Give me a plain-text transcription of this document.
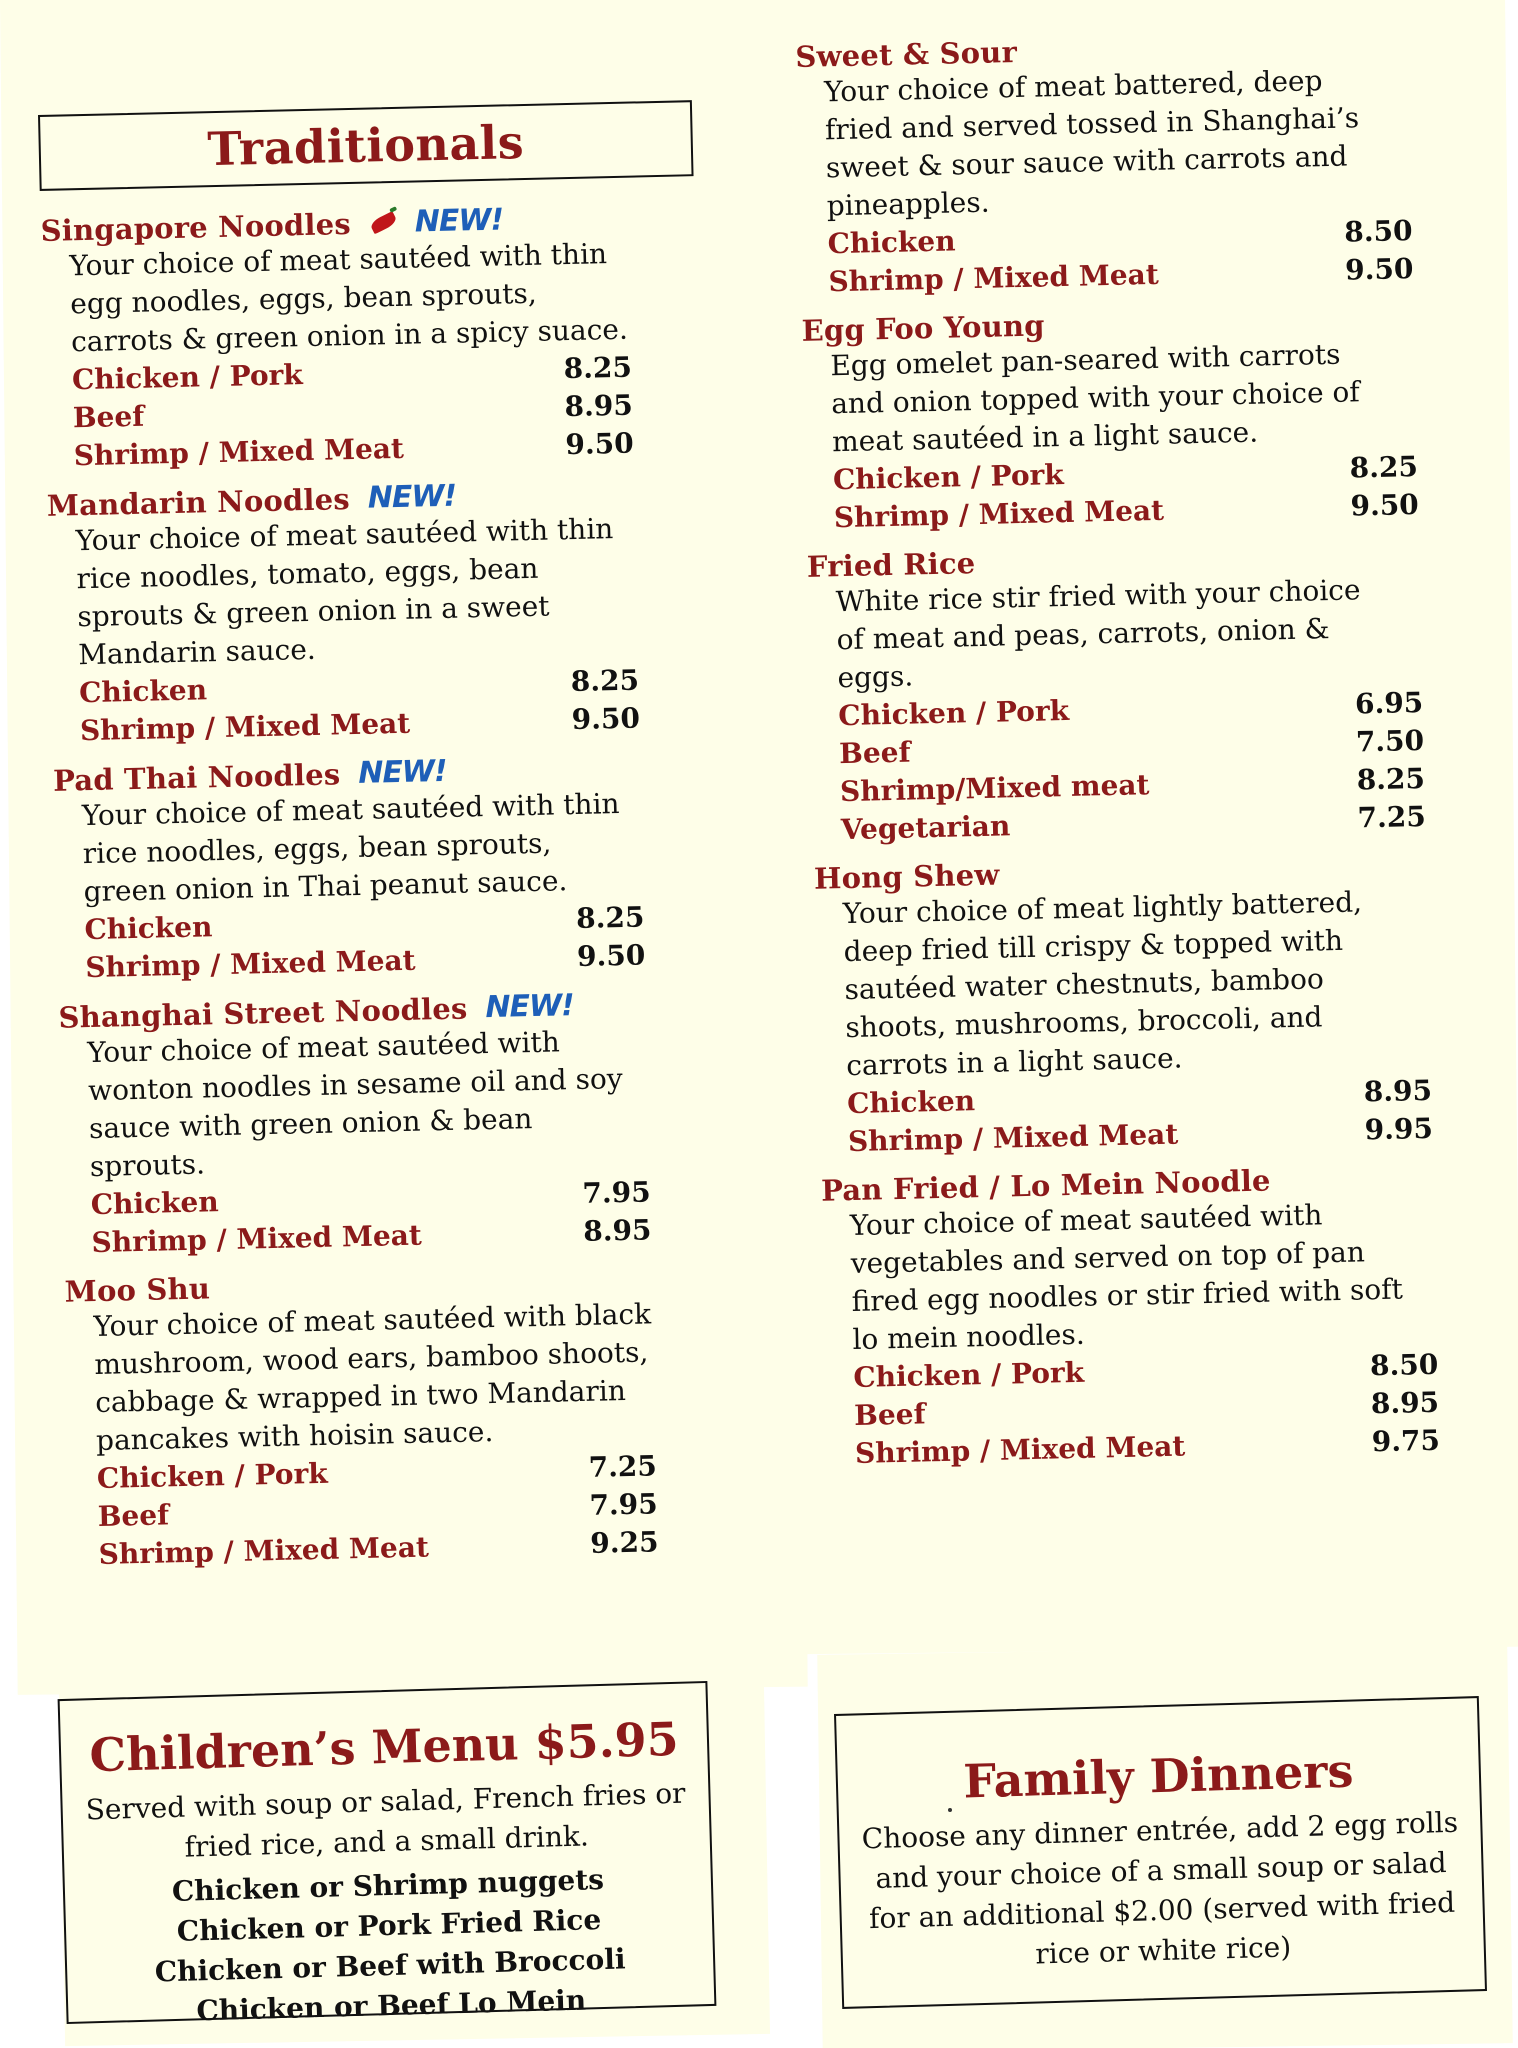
Traditionals
Singapore Noodles NEW!
Your choice of meat sautéed with thin egg noodles, eggs, bean sprouts, carrots & green onion in a spicy suace.
Chicken / Pork	8.25
Beef	8.95
Shrimp / Mixed Meat	9.50
Mandarin Noodles NEW!
Your choice of meat sautéed with thin rice noodles, tomato, eggs, bean sprouts & green onion in a sweet Mandarin sauce.
Chicken	8.25
Shrimp / Mixed Meat	9.50
Pad Thai Noodles NEW!
Your choice of meat sautéed with thin rice noodles, eggs, bean sprouts, green onion in Thai peanut sauce.
Chicken	8.25
Shrimp / Mixed Meat	9.50
Shanghai Street Noodles NEW!
Your choice of meat sautéed with wonton noodles in sesame oil and soy sauce with green onion & bean sprouts.
Chicken	7.95
Shrimp / Mixed Meat	8.95
Moo Shu
Your choice of meat sautéed with black mushroom, wood ears, bamboo shoots, cabbage & wrapped in two Mandarin pancakes with hoisin sauce.
Chicken / Pork	7.25
Beef	7.95
Shrimp / Mixed Meat	9.25
Sweet & Sour
Your choice of meat battered, deep fried and served tossed in Shanghai’s sweet & sour sauce with carrots and pineapples.
Chicken	8.50
Shrimp / Mixed Meat	9.50
Egg Foo Young
Egg omelet pan-seared with carrots and onion topped with your choice of meat sautéed in a light sauce.
Chicken / Pork	8.25
Shrimp / Mixed Meat	9.50
Fried Rice
White rice stir fried with your choice of meat and peas, carrots, onion & eggs.
Chicken / Pork	6.95
Beef	7.50
Shrimp/Mixed meat	8.25
Vegetarian	7.25
Hong Shew
Your choice of meat lightly battered, deep fried till crispy & topped with sautéed water chestnuts, bamboo shoots, mushrooms, broccoli, and carrots in a light sauce.
Chicken	8.95
Shrimp / Mixed Meat	9.95
Pan Fried / Lo Mein Noodle
Your choice of meat sautéed with vegetables and served on top of pan fired egg noodles or stir fried with soft lo mein noodles.
Chicken / Pork	8.50
Beef	8.95
Shrimp / Mixed Meat	9.75
Children’s Menu $5.95

Served with soup or salad, French fries or fried rice, and a small drink.

Chicken or Shrimp nuggets
Chicken or Pork Fried Rice
Chicken or Beef with Broccoli
Chicken or Beef Lo Mein
Family Dinners

Choose any dinner entrée, add 2 egg rolls and your choice of a small soup or salad for an additional $2.00 (served with fried rice or white rice)
